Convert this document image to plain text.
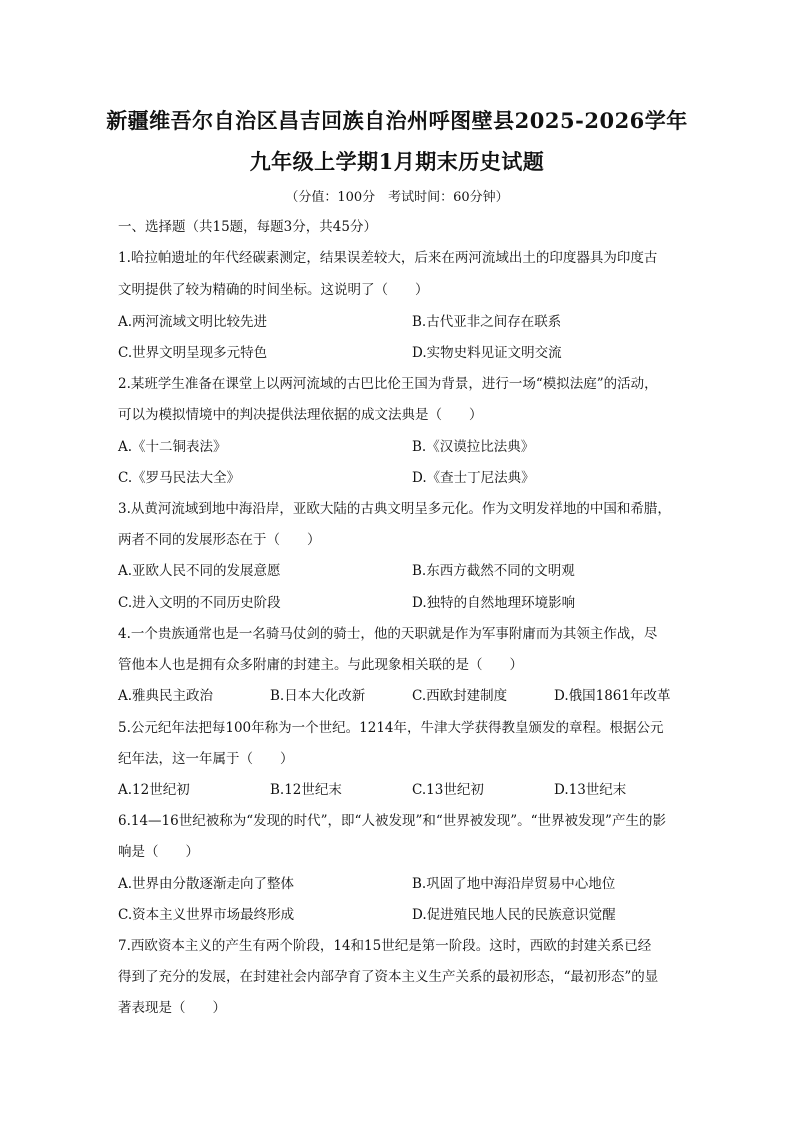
新疆维吾尔自治区昌吉回族自治州呼图壁县2025-2026学年
九年级上学期1月期末历史试题
（分值：100分　考试时间：60分钟）
一、选择题（共15题，每题3分，共45分）
1.哈拉帕遗址的年代经碳素测定，结果误差较大，后来在两河流域出土的印度器具为印度古
文明提供了较为精确的时间坐标。这说明了（　　）
A.两河流域文明比较先进	B.古代亚非之间存在联系
C.世界文明呈现多元特色	D.实物史料见证文明交流
2.某班学生准备在课堂上以两河流域的古巴比伦王国为背景，进行一场“模拟法庭”的活动，
可以为模拟情境中的判决提供法理依据的成文法典是（　　）
A.《十二铜表法》	B.《汉谟拉比法典》
C.《罗马民法大全》	D.《查士丁尼法典》
3.从黄河流域到地中海沿岸，亚欧大陆的古典文明呈多元化。作为文明发祥地的中国和希腊，
两者不同的发展形态在于（　　）
A.亚欧人民不同的发展意愿	B.东西方截然不同的文明观
C.进入文明的不同历史阶段	D.独特的自然地理环境影响
4.一个贵族通常也是一名骑马仗剑的骑士，他的天职就是作为军事附庸而为其领主作战，尽
管他本人也是拥有众多附庸的封建主。与此现象相关联的是（　　）
A.雅典民主政治	B.日本大化改新	C.西欧封建制度	D.俄国1861年改革
5.公元纪年法把每100年称为一个世纪。1214年，牛津大学获得教皇颁发的章程。根据公元
纪年法，这一年属于（　　）
A.12世纪初	B.12世纪末	C.13世纪初	D.13世纪末
6.14—16世纪被称为“发现的时代”，即“人被发现”和“世界被发现”。“世界被发现”产生的影
响是（　　）
A.世界由分散逐渐走向了整体	B.巩固了地中海沿岸贸易中心地位
C.资本主义世界市场最终形成	D.促进殖民地人民的民族意识觉醒
7.西欧资本主义的产生有两个阶段，14和15世纪是第一阶段。这时，西欧的封建关系已经
得到了充分的发展，在封建社会内部孕育了资本主义生产关系的最初形态，“最初形态”的显
著表现是（　　）
